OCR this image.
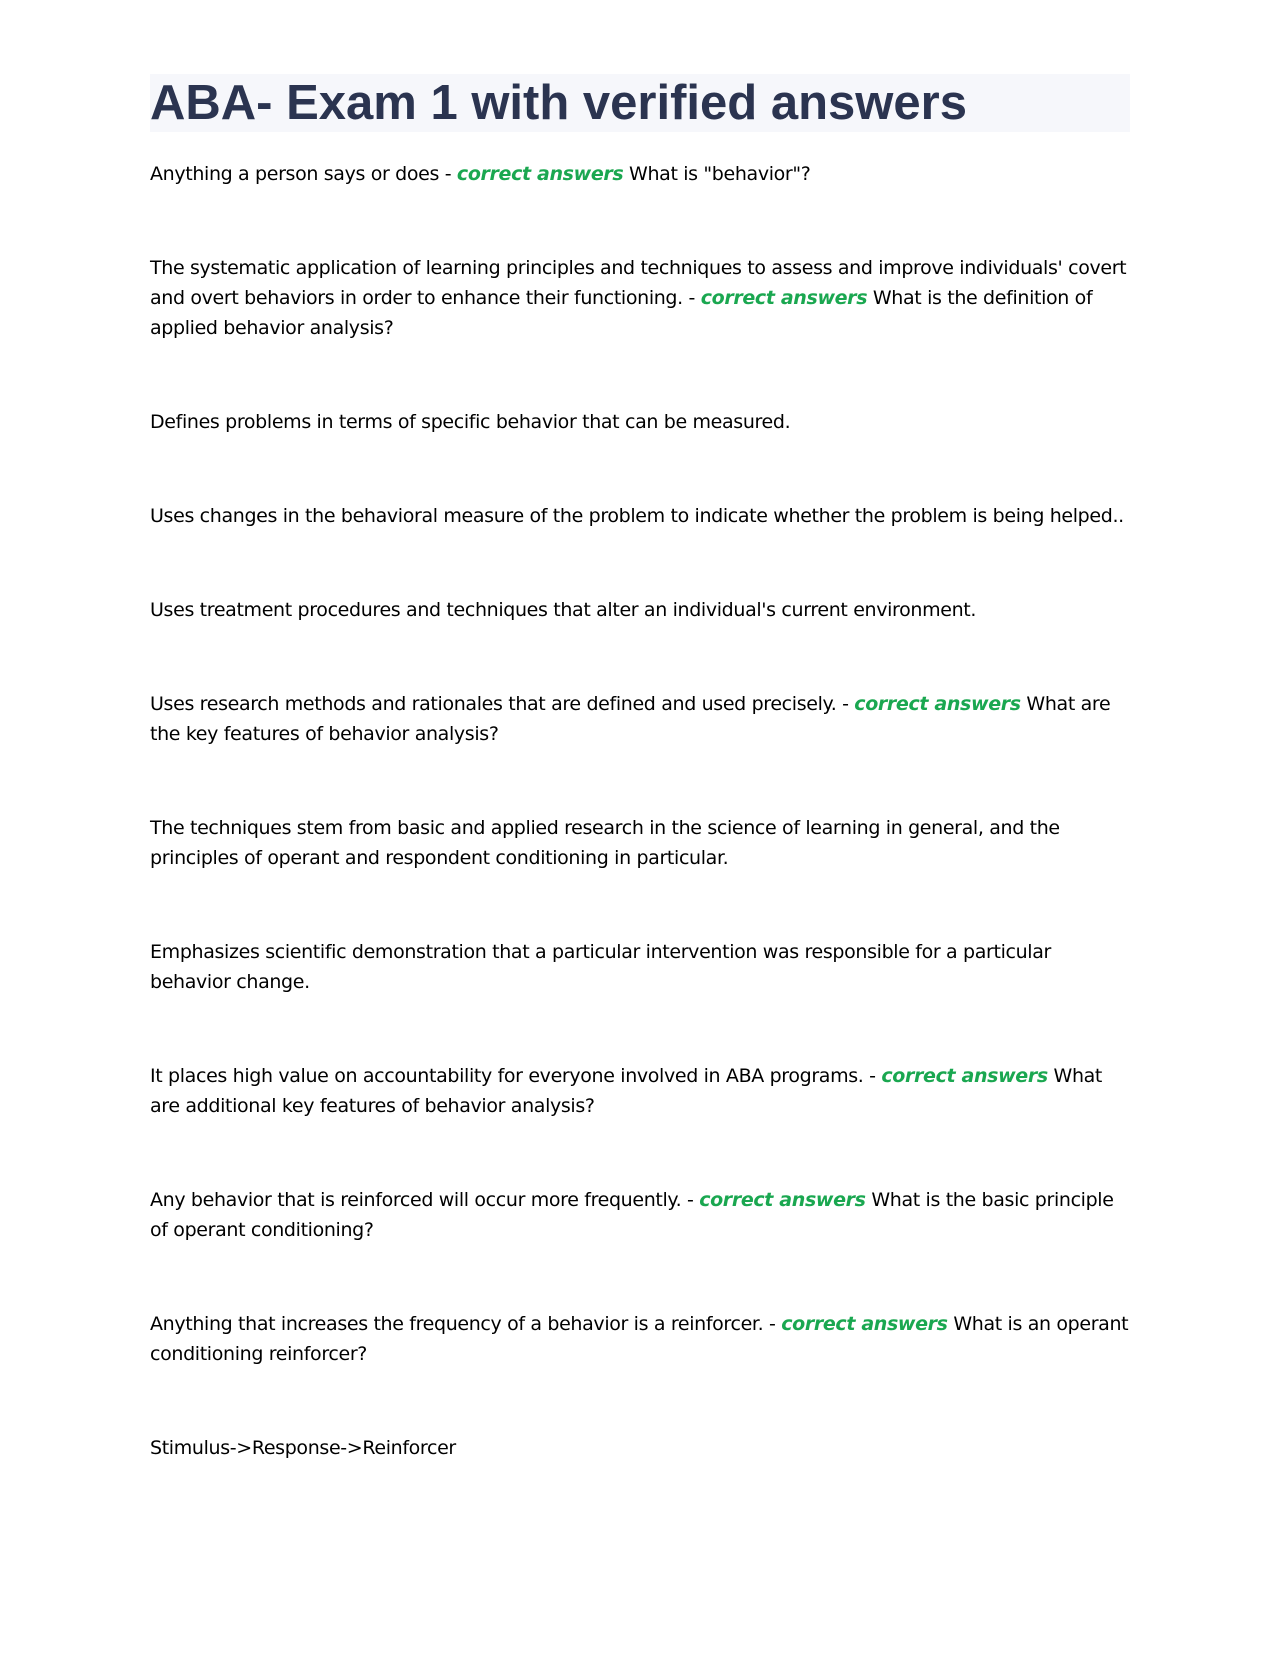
ABA- Exam 1 with verified answers

Anything a person says or does - correct answers What is "behavior"?

The systematic application of learning principles and techniques to assess and improve individuals' covert and overt behaviors in order to enhance their functioning. - correct answers What is the definition of applied behavior analysis?

Defines problems in terms of specific behavior that can be measured.

Uses changes in the behavioral measure of the problem to indicate whether the problem is being helped..

Uses treatment procedures and techniques that alter an individual's current environment.

Uses research methods and rationales that are defined and used precisely. - correct answers What are the key features of behavior analysis?

The techniques stem from basic and applied research in the science of learning in general, and the principles of operant and respondent conditioning in particular.

Emphasizes scientific demonstration that a particular intervention was responsible for a particular behavior change.

It places high value on accountability for everyone involved in ABA programs. - correct answers What are additional key features of behavior analysis?

Any behavior that is reinforced will occur more frequently. - correct answers What is the basic principle of operant conditioning?

Anything that increases the frequency of a behavior is a reinforcer. - correct answers What is an operant conditioning reinforcer?

Stimulus->Response->Reinforcer
